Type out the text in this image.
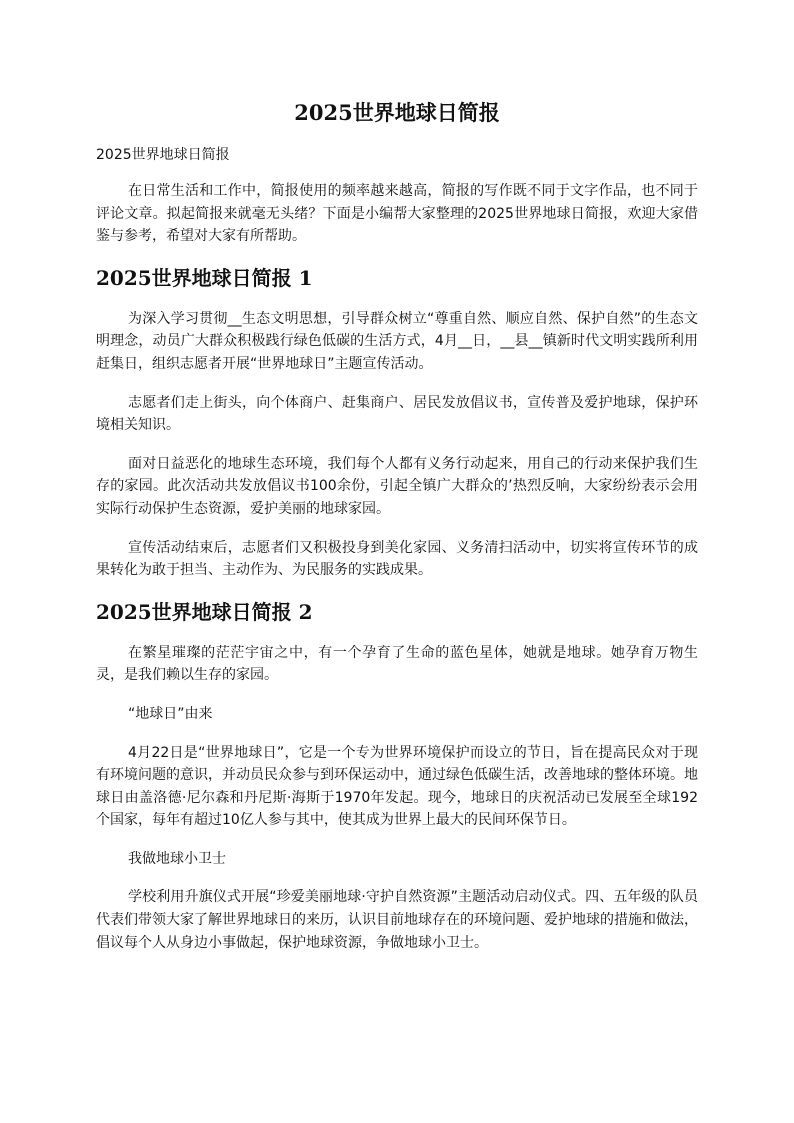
2025世界地球日简报

2025世界地球日简报

在日常生活和工作中，简报使用的频率越来越高，简报的写作既不同于文字作品，也不同于评论文章。拟起简报来就毫无头绪？下面是小编帮大家整理的2025世界地球日简报，欢迎大家借鉴与参考，希望对大家有所帮助。

2025世界地球日简报 1

为深入学习贯彻__生态文明思想，引导群众树立“尊重自然、顺应自然、保护自然”的生态文明理念，动员广大群众积极践行绿色低碳的生活方式，4月__日，__县__镇新时代文明实践所利用赶集日，组织志愿者开展“世界地球日”主题宣传活动。

志愿者们走上街头，向个体商户、赶集商户、居民发放倡议书，宣传普及爱护地球，保护环境相关知识。

面对日益恶化的地球生态环境，我们每个人都有义务行动起来，用自己的行动来保护我们生存的家园。此次活动共发放倡议书100余份，引起全镇广大群众的’热烈反响，大家纷纷表示会用实际行动保护生态资源，爱护美丽的地球家园。

宣传活动结束后，志愿者们又积极投身到美化家园、义务清扫活动中，切实将宣传环节的成果转化为敢于担当、主动作为、为民服务的实践成果。

2025世界地球日简报 2

在繁星璀璨的茫茫宇宙之中，有一个孕育了生命的蓝色星体，她就是地球。她孕育万物生灵，是我们赖以生存的家园。

“地球日”由来

4月22日是“世界地球日”，它是一个专为世界环境保护而设立的节日，旨在提高民众对于现有环境问题的意识，并动员民众参与到环保运动中，通过绿色低碳生活，改善地球的整体环境。地球日由盖洛德·尼尔森和丹尼斯·海斯于1970年发起。现今，地球日的庆祝活动已发展至全球192个国家，每年有超过10亿人参与其中，使其成为世界上最大的民间环保节日。

我做地球小卫士

学校利用升旗仪式开展“珍爱美丽地球·守护自然资源”主题活动启动仪式。四、五年级的队员代表们带领大家了解世界地球日的来历，认识目前地球存在的环境问题、爱护地球的措施和做法，倡议每个人从身边小事做起，保护地球资源，争做地球小卫士。
